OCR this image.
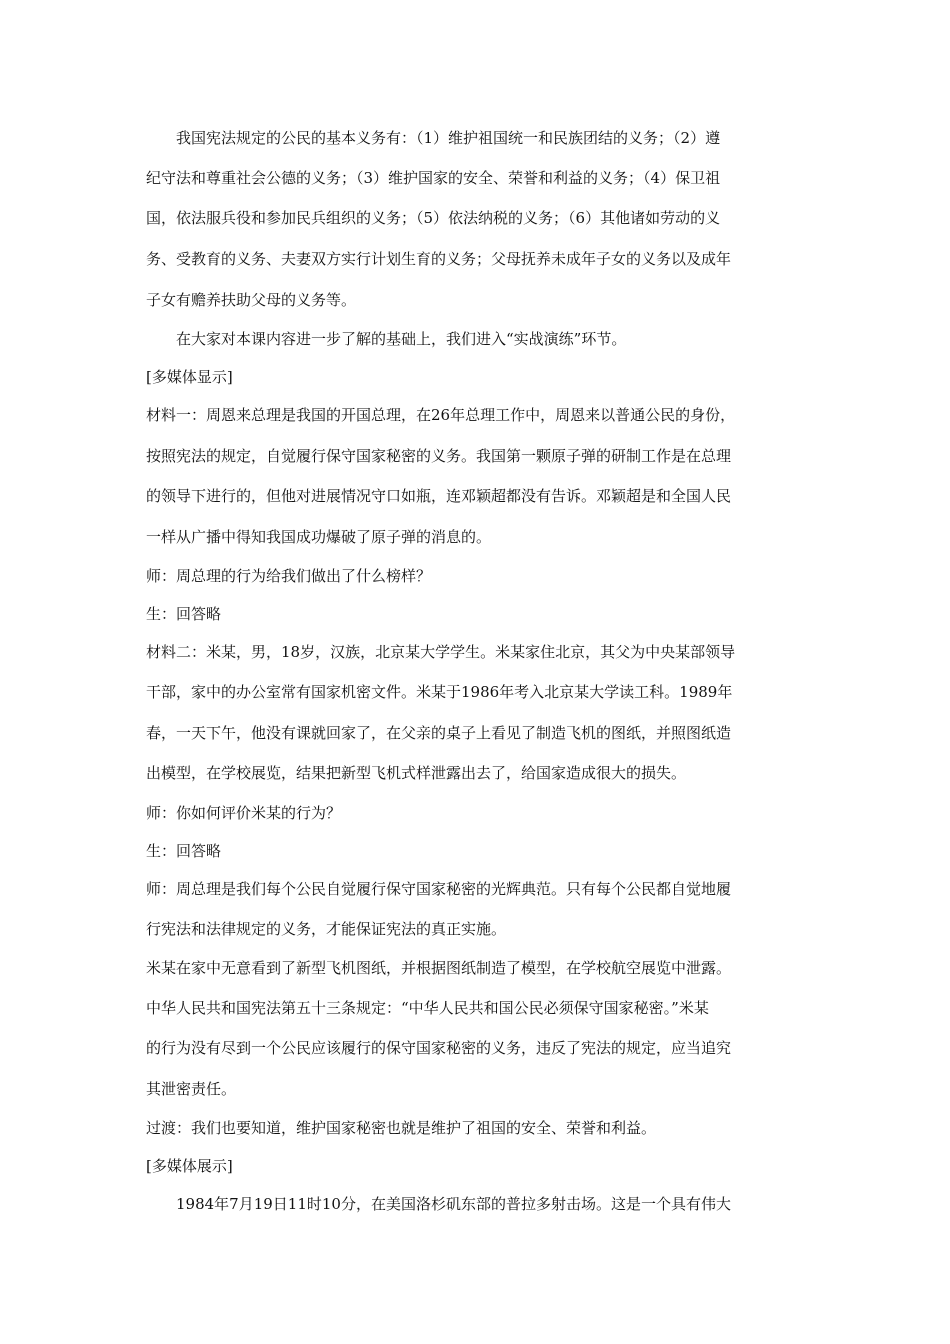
我国宪法规定的公民的基本义务有：（1）维护祖国统一和民族团结的义务；（2）遵
纪守法和尊重社会公德的义务；（3）维护国家的安全、荣誉和利益的义务；（4）保卫祖
国，依法服兵役和参加民兵组织的义务；（5）依法纳税的义务；（6）其他诸如劳动的义
务、受教育的义务、夫妻双方实行计划生育的义务；父母抚养未成年子女的义务以及成年
子女有赡养扶助父母的义务等。
在大家对本课内容进一步了解的基础上，我们进入“实战演练”环节。
[多媒体显示]
材料一：周恩来总理是我国的开国总理，在26年总理工作中，周恩来以普通公民的身份，
按照宪法的规定，自觉履行保守国家秘密的义务。我国第一颗原子弹的研制工作是在总理
的领导下进行的，但他对进展情况守口如瓶，连邓颖超都没有告诉。邓颖超是和全国人民
一样从广播中得知我国成功爆破了原子弹的消息的。
师：周总理的行为给我们做出了什么榜样？
生：回答略
材料二：米某，男，18岁，汉族，北京某大学学生。米某家住北京，其父为中央某部领导
干部，家中的办公室常有国家机密文件。米某于1986年考入北京某大学读工科。1989年
春，一天下午，他没有课就回家了，在父亲的桌子上看见了制造飞机的图纸，并照图纸造
出模型，在学校展览，结果把新型飞机式样泄露出去了，给国家造成很大的损失。
师：你如何评价米某的行为？
生：回答略
师：周总理是我们每个公民自觉履行保守国家秘密的光辉典范。只有每个公民都自觉地履
行宪法和法律规定的义务，才能保证宪法的真正实施。
米某在家中无意看到了新型飞机图纸，并根据图纸制造了模型，在学校航空展览中泄露。
中华人民共和国宪法第五十三条规定：“中华人民共和国公民必须保守国家秘密。”米某
的行为没有尽到一个公民应该履行的保守国家秘密的义务，违反了宪法的规定，应当追究
其泄密责任。
过渡：我们也要知道，维护国家秘密也就是维护了祖国的安全、荣誉和利益。
[多媒体展示]
1984年7月19日11时10分，在美国洛杉矶东部的普拉多射击场。这是一个具有伟大
